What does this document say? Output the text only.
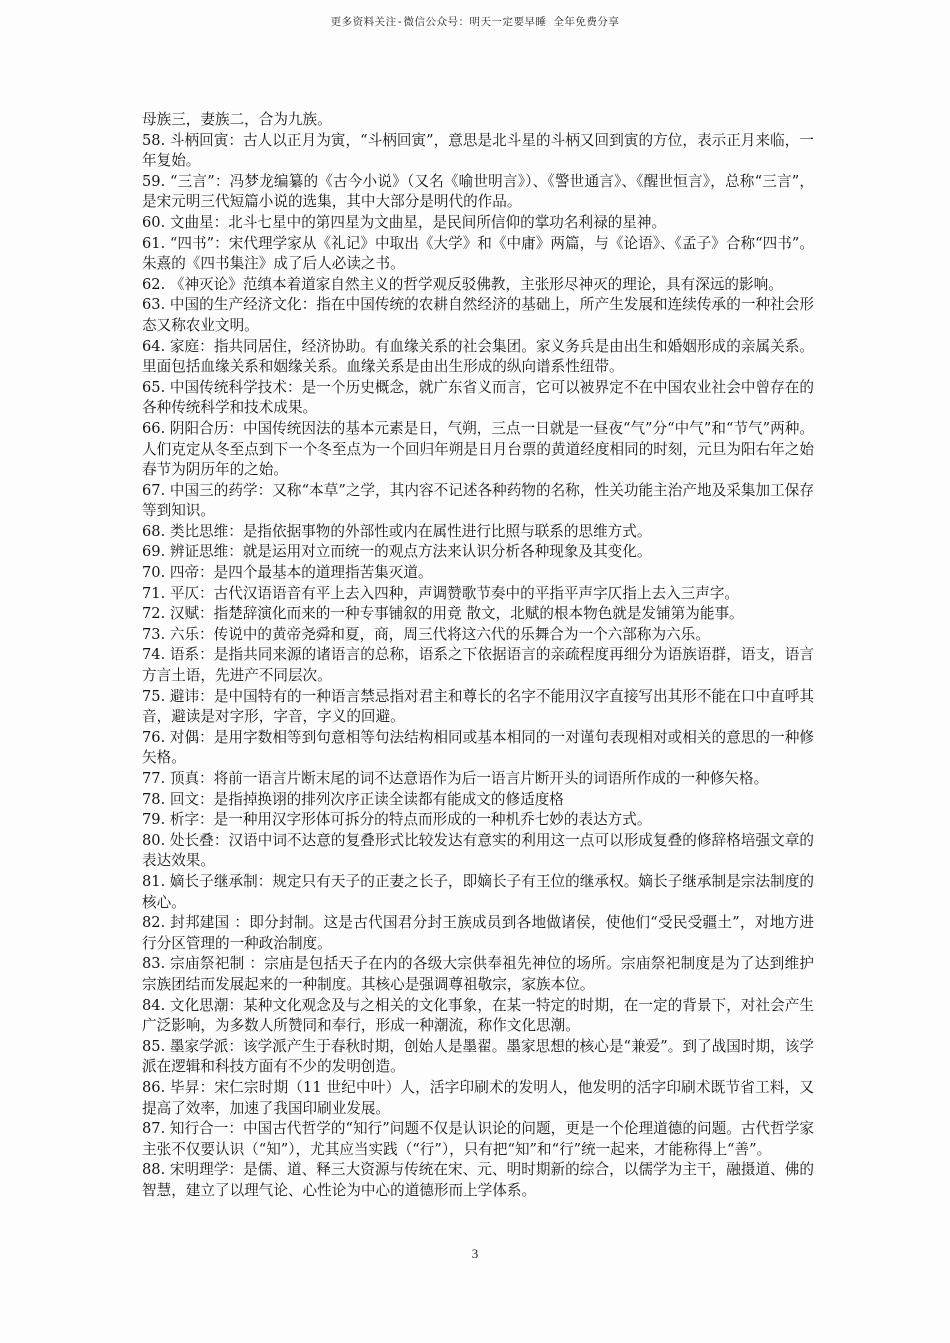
更多资料关注-微信公众号：明天一定要早睡 全年免费分享

母族三，妻族二，合为九族。

58. 斗柄回寅：古人以正月为寅，“斗柄回寅”，意思是北斗星的斗柄又回到寅的方位，表示正月来临，一年复始。

59. “三言”：冯梦龙编纂的《古今小说》（又名《喻世明言》）、《警世通言》、《醒世恒言》，总称“三言”，是宋元明三代短篇小说的选集，其中大部分是明代的作品。

60. 文曲星：北斗七星中的第四星为文曲星，是民间所信仰的掌功名利禄的星神。

61. “四书”：宋代理学家从《礼记》中取出《大学》和《中庸》两篇，与《论语》、《孟子》合称“四书”。朱熹的《四书集注》成了后人必读之书。

62. 《神灭论》范缜本着道家自然主义的哲学观反驳佛教，主张形尽神灭的理论，具有深远的影响。

63. 中国的生产经济文化：指在中国传统的农耕自然经济的基础上，所产生发展和连续传承的一种社会形态又称农业文明。

64. 家庭：指共同居住，经济协助。有血缘关系的社会集团。家义务兵是由出生和婚姻形成的亲属关系。里面包括血缘关系和姻缘关系。血缘关系是由出生形成的纵向谱系性纽带。

65. 中国传统科学技术：是一个历史概念，就广东省义而言，它可以被界定不在中国农业社会中曾存在的各种传统科学和技术成果。

66. 阴阳合历：中国传统因法的基本元素是日，气朔，三点一日就是一昼夜“气”分“中气”和“节气”两种。人们克定从冬至点到下一个冬至点为一个回归年朔是日月台票的黄道经度相同的时刻，元旦为阳右年之始春节为阴历年的之始。

67. 中国三的药学：又称“本草”之学，其内容不记述各种药物的名称，性关功能主治产地及采集加工保存等到知识。

68. 类比思维：是指依据事物的外部性或内在属性进行比照与联系的思维方式。

69. 辨证思维：就是运用对立而统一的观点方法来认识分析各种现象及其变化。

70. 四帝：是四个最基本的道理指苦集灭道。

71. 平仄：古代汉语语音有平上去入四种，声调赞歌节奏中的平指平声字仄指上去入三声字。

72. 汉赋：指楚辞演化而来的一种专事铺叙的用竟 散文，北赋的根本物色就是发铺第为能事。

73. 六乐：传说中的黄帝尧舜和夏，商，周三代将这六代的乐舞合为一个六部称为六乐。

74. 语系：是指共同来源的诸语言的总称，语系之下依据语言的亲疏程度再细分为语族语群，语支，语言方言土语，先进产不同层次。

75. 避讳：是中国特有的一种语言禁忌指对君主和尊长的名字不能用汉字直接写出其形不能在口中直呼其音，避读是对字形，字音，字义的回避。

76. 对偶：是用字数相等到句意相等句法结构相同或基本相同的一对谨句表现相对或相关的意思的一种修矢格。

77. 顶真：将前一语言片断末尾的词不达意语作为后一语言片断开头的词语所作成的一种修矢格。

78. 回文：是指掉换诩的排列次序正读全读都有能成文的修适度格

79. 析字：是一种用汉字形体可拆分的特点而形成的一种机乔七妙的表达方式。

80. 处长叠：汉语中词不达意的复叠形式比较发达有意实的利用这一点可以形成复叠的修辞格培强文章的表达效果。

81. 嫡长子继承制：规定只有天子的正妻之长子，即嫡长子有王位的继承权。嫡长子继承制是宗法制度的核心。

82. 封邦建国 ：即分封制。这是古代国君分封王族成员到各地做诸侯，使他们“受民受疆土”，对地方进行分区管理的一种政治制度。

83. 宗庙祭祀制 ：宗庙是包括天子在内的各级大宗供奉祖先神位的场所。宗庙祭祀制度是为了达到维护宗族团结而发展起来的一种制度。其核心是强调尊祖敬宗，家族本位。

84. 文化思潮：某种文化观念及与之相关的文化事象，在某一特定的时期，在一定的背景下，对社会产生广泛影响，为多数人所赞同和奉行，形成一种潮流，称作文化思潮。

85. 墨家学派：该学派产生于春秋时期，创始人是墨翟。墨家思想的核心是“兼爱”。到了战国时期，该学派在逻辑和科技方面有不少的发明创造。

86. 毕昇：宋仁宗时期（11 世纪中叶）人，活字印刷术的发明人，他发明的活字印刷术既节省工料，又提高了效率，加速了我国印刷业发展。

87. 知行合一：中国古代哲学的“知行”问题不仅是认识论的问题，更是一个伦理道德的问题。古代哲学家主张不仅要认识（“知”），尤其应当实践（“行”），只有把“知”和“行”统一起来，才能称得上“善”。

88. 宋明理学：是儒、道、释三大资源与传统在宋、元、明时期新的综合，以儒学为主干，融摄道、佛的智慧，建立了以理气论、心性论为中心的道德形而上学体系。

3
